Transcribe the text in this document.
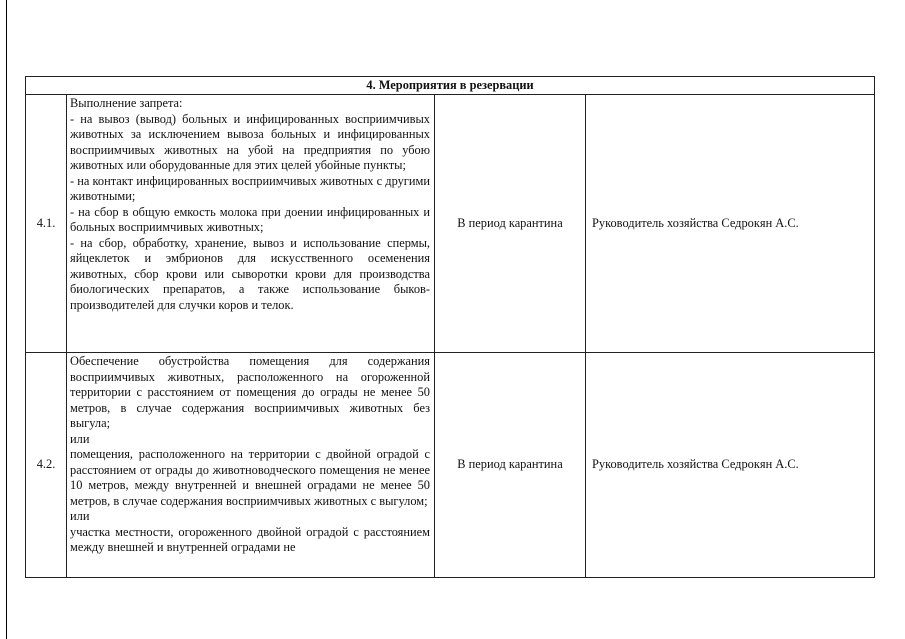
4. Мероприятия в резервации			
4.1.	Выполнение запрета:
- на вывоз (вывод) больных и инфицированных восприимчивых животных за исключением вывоза больных и инфицированных восприимчивых животных на убой на предприятия по убою животных или оборудованные для этих целей убойные пункты;
- на контакт инфицированных восприимчивых животных с другими животными;
- на сбор в общую емкость молока при доении инфицированных и больных восприимчивых животных;
- на сбор, обработку, хранение, вывоз и использование спермы, яйцеклеток и эмбрионов для искусственного осеменения животных, сбор крови или сыворотки крови для производства биологических препаратов, а также использование быков-производителей для случки коров и телок.	В период карантина	Руководитель хозяйства Седрокян А.С.
4.2.	Обеспечение обустройства помещения для содержания восприимчивых животных, расположенного на огороженной территории с расстоянием от помещения до ограды не менее 50 метров, в случае содержания восприимчивых животных без выгула;
или
помещения, расположенного на территории с двойной оградой с расстоянием от ограды до животноводческого помещения не менее 10 метров, между внутренней и внешней оградами не менее 50 метров, в случае содержания восприимчивых животных с выгулом;
или
участка местности, огороженного двойной оградой с расстоянием между внешней и внутренней оградами не	В период карантина	Руководитель хозяйства Седрокян А.С.
